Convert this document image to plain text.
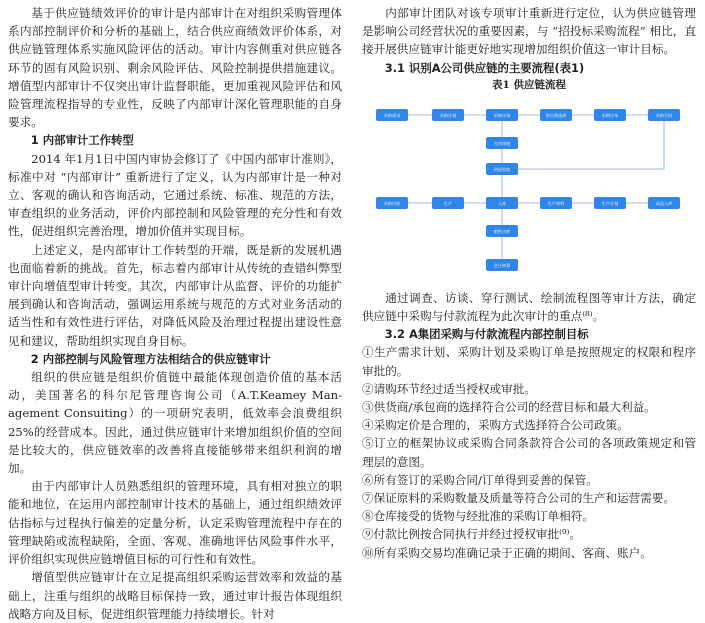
基于供应链绩效评价的审计是内部审计在对组织采购管理体系内部控制评价和分析的基础上，结合供应商绩效评价体系，对供应链管理体系实施风险评估的活动。审计内容侧重对供应链各环节的固有风险识别、剩余风险评估、风险控制提供措施建议。增值型内部审计不仅突出审计监督职能，更加重视风险评估和风险管理流程指导的专业性，反映了内部审计深化管理职能的自身要求。

1 内部审计工作转型

2014 年1月1日中国内审协会修订了《中国内部审计准则》，标准中对 “内部审计” 重新进行了定义，认为内部审计是一种对立、客观的确认和咨询活动，它通过系统、标准、规范的方法，审查组织的业务活动，评价内部控制和风险管理的充分性和有效性，促进组织完善治理，增加价值并实现目标。

上述定义，是内部审计工作转型的开端，既是新的发展机遇也面临着新的挑战。首先，标志着内部审计从传统的查错纠弊型审计向增值型审计转变。其次，内部审计从监督、评价的功能扩展到确认和咨询活动，强调运用系统与规范的方式对业务活动的适当性和有效性进行评估，对降低风险及治理过程提出建设性意见和建议，帮助组织实现自身目标。

2 内部控制与风险管理方法相结合的供应链审计

组织的供应链是组织价值链中最能体现创造价值的基本活动，美国著名的科尔尼管理咨询公司（A.T.Keamey Man-agement Consuiting）的一项研究表明，低效率会浪费组织25%的经营成本。因此，通过供应链审计来增加组织价值的空间是比较大的，供应链效率的改善将直接能够带来组织利润的增加。

由于内部审计人员熟悉组织的管理环境，具有相对独立的职能和地位，在运用内部控制审计技术的基础上，通过组织绩效评估指标与过程执行偏差的定量分析，认定采购管理流程中存在的管理缺陷或流程缺陷，全面、客观、准确地评估风险事件水平，评价组织实现供应链增值目标的可行性和有效性。

增值型供应链审计在立足提高组织采购运营效率和效益的基础上，注重与组织的战略目标保持一致，通过审计报告体现组织战略方向及目标，促进组织管理能力持续增长。针对

内部审计团队对该专项审计重新进行定位，认为供应链管理是影响公司经营状况的重要因素，与 “招投标采购流程” 相比，直接开展供应链审计能更好地实现增加组织价值这一审计目标。

3.1 识别A公司供应链的主要流程(表1)

表1 供应链流程

采购需求	采购计划	采购申请	供应商选择	采购订单	采购合同
合同审批
到货验收
入库
采购付款	生产	生产领料	生产计划	成品入库
销售出库
会计核算

通过调查、访谈、穿行测试、绘制流程图等审计方法，确定供应链中采购与付款流程为此次审计的重点⁽⁸⁾。

3.2 A集团采购与付款流程内部控制目标

①生产需求计划、采购计划及采购订单是按照规定的权限和程序审批的。

②请购环节经过适当授权或审批。

③供货商/承包商的选择符合公司的经营目标和最大利益。

④采购定价是合理的，采购方式选择符合公司政策。

⑤订立的框架协议或采购合同条款符合公司的各项政策规定和管理层的意图。

⑥所有签订的采购合同/订单得到妥善的保管。

⑦保证原料的采购数量及质量等符合公司的生产和运营需要。

⑧仓库接受的货物与经批准的采购订单相符。

⑨付款比例按合同执行并经过授权审批⁽⁹⁾。

⑩所有采购交易均准确记录于正确的期间、客商、账户。
